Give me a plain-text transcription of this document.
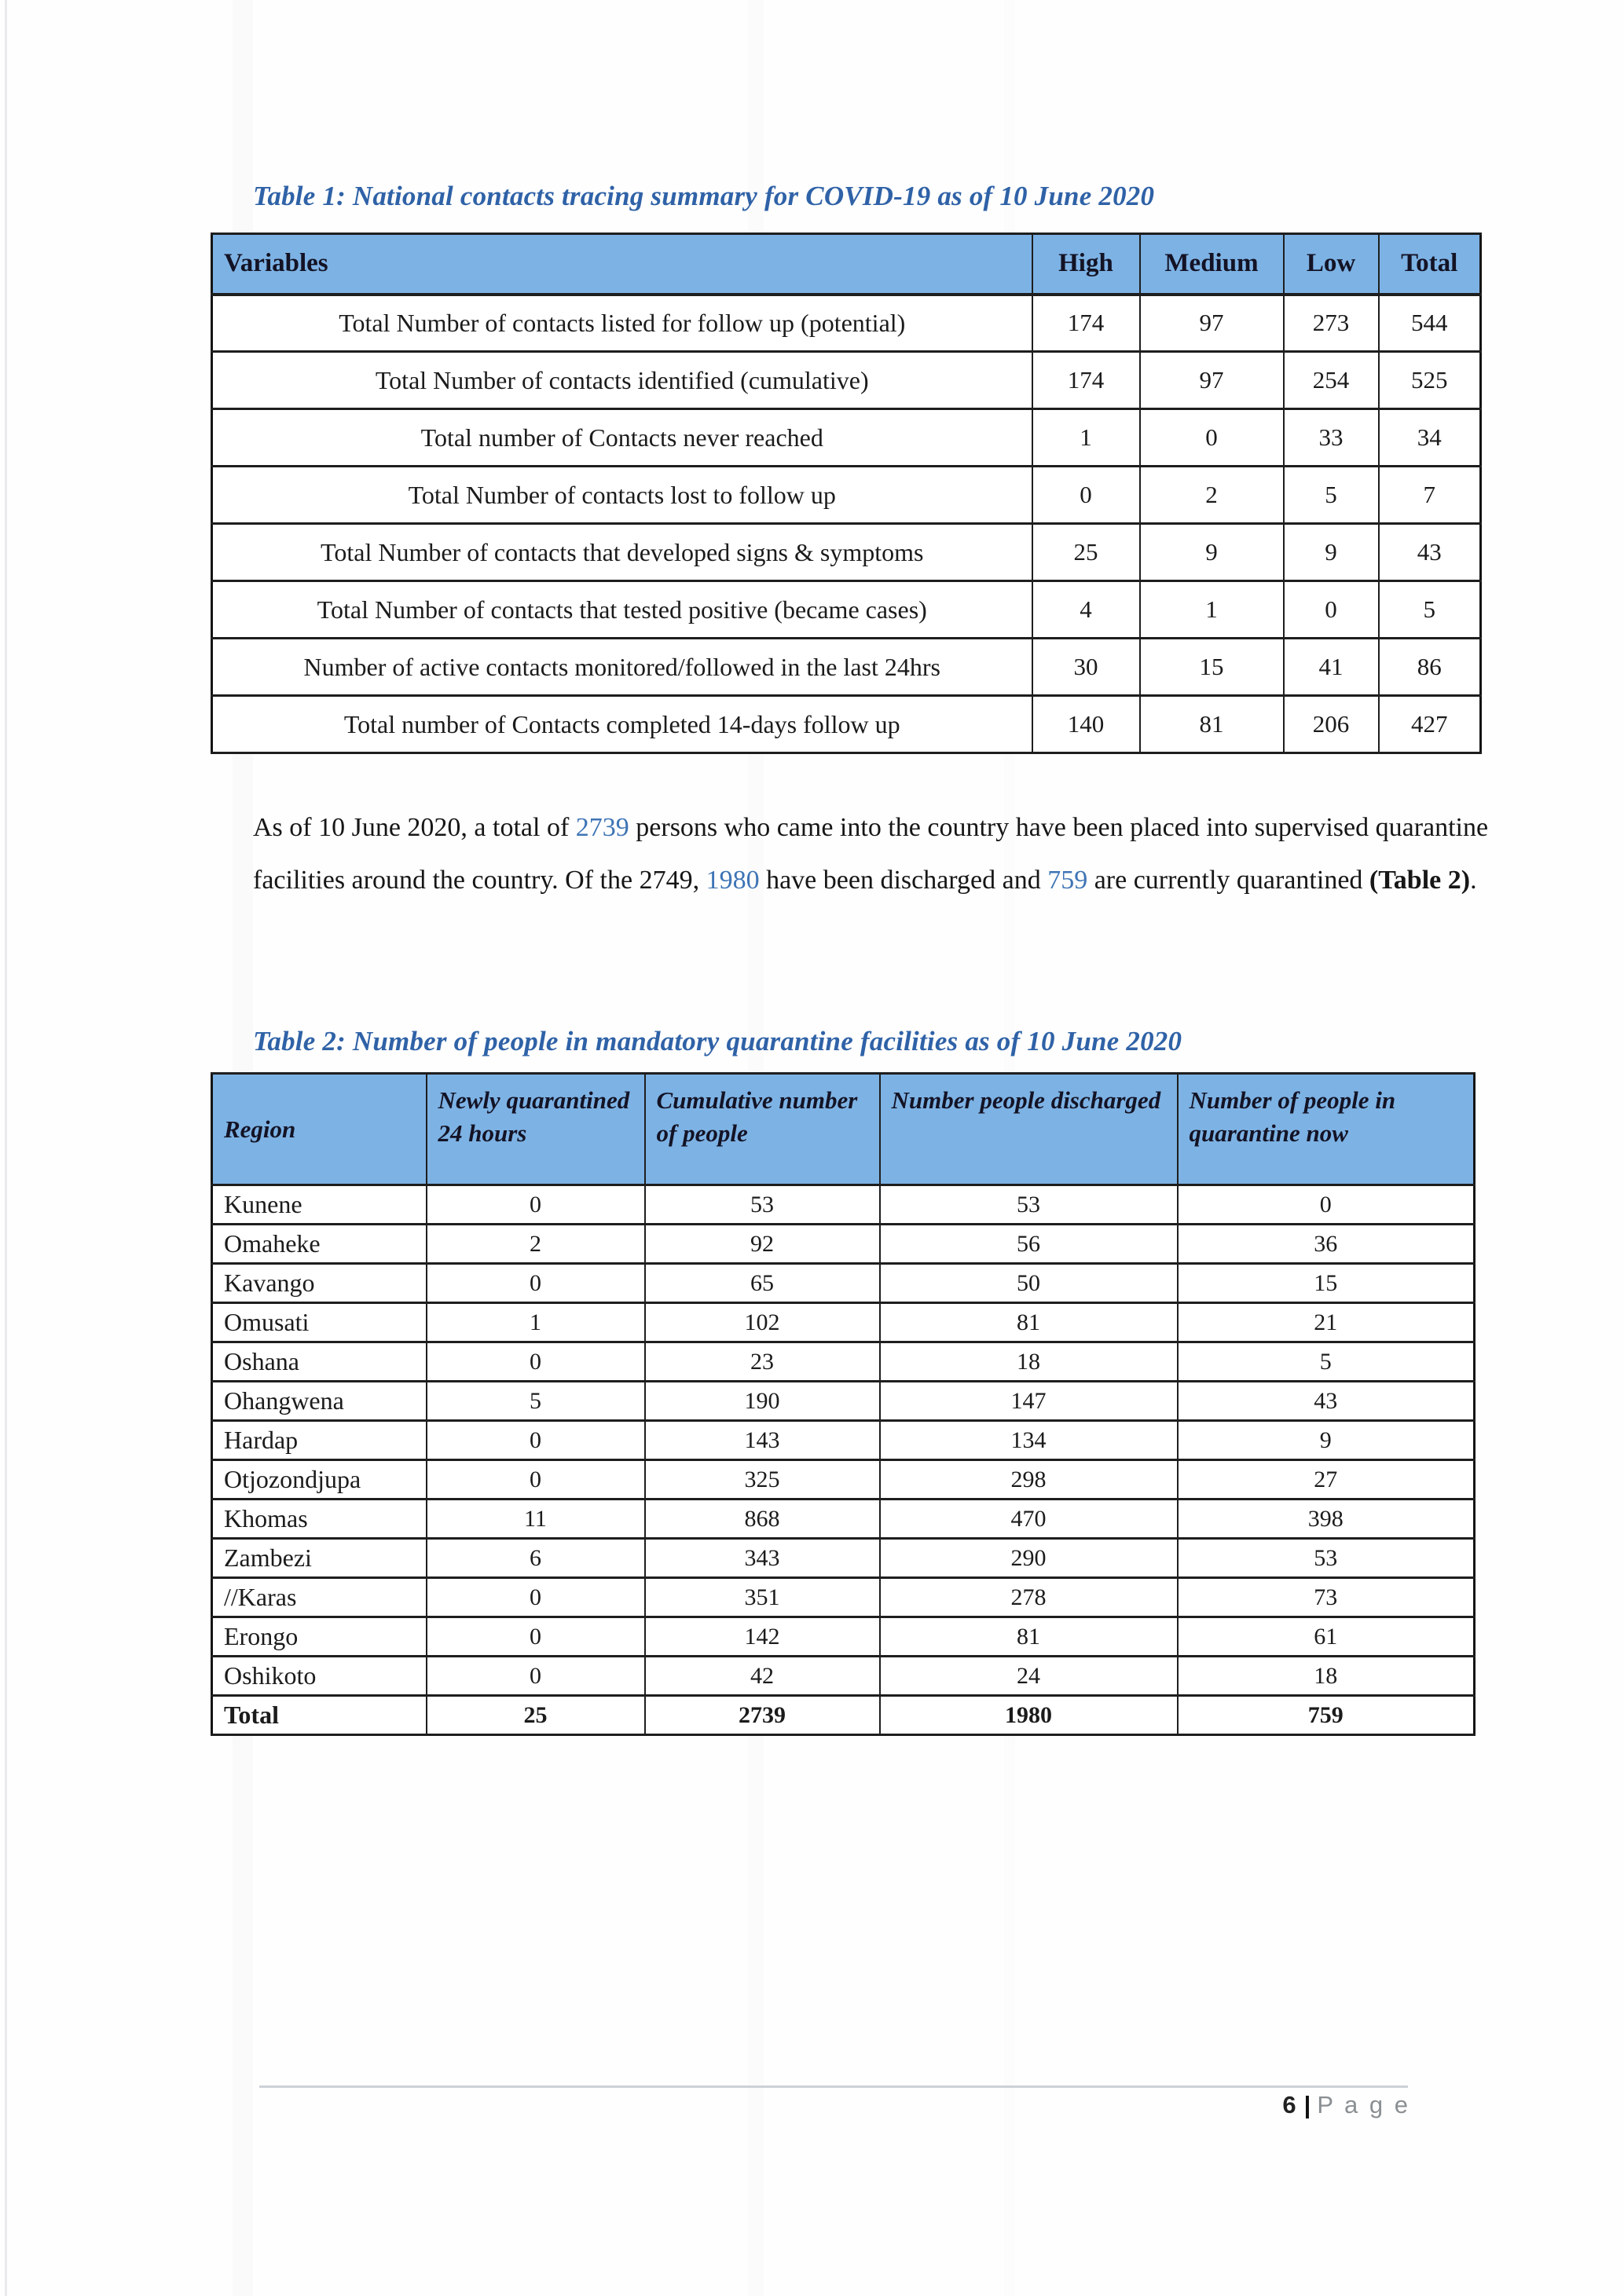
Table 1: National contacts tracing summary for COVID-19 as of 10 June 2020
Variables	High	Medium	Low	Total
Total Number of contacts listed for follow up (potential)	174	97	273	544
Total Number of contacts identified (cumulative)	174	97	254	525
Total number of Contacts never reached	1	0	33	34
Total Number of contacts lost to follow up	0	2	5	7
Total Number of contacts that developed signs & symptoms	25	9	9	43
Total Number of contacts that tested positive (became cases)	4	1	0	5
Number of active contacts monitored/followed in the last 24hrs	30	15	41	86
Total number of Contacts completed 14-days follow up	140	81	206	427

As of 10 June 2020, a total of 2739 persons who came into the country have been placed into supervised quarantine facilities around the country. Of the 2749, 1980 have been discharged and 759 are currently quarantined (Table 2).

Table 2: Number of people in mandatory quarantine facilities as of 10 June 2020
Region	Newly quarantined 24 hours	Cumulative number of people	Number people discharged	Number of people in quarantine now
Kunene	0	53	53	0
Omaheke	2	92	56	36
Kavango	0	65	50	15
Omusati	1	102	81	21
Oshana	0	23	18	5
Ohangwena	5	190	147	43
Hardap	0	143	134	9
Otjozondjupa	0	325	298	27
Khomas	11	868	470	398
Zambezi	6	343	290	53
//Karas	0	351	278	73
Erongo	0	142	81	61
Oshikoto	0	42	24	18
Total	25	2739	1980	759
6 | P a g e
